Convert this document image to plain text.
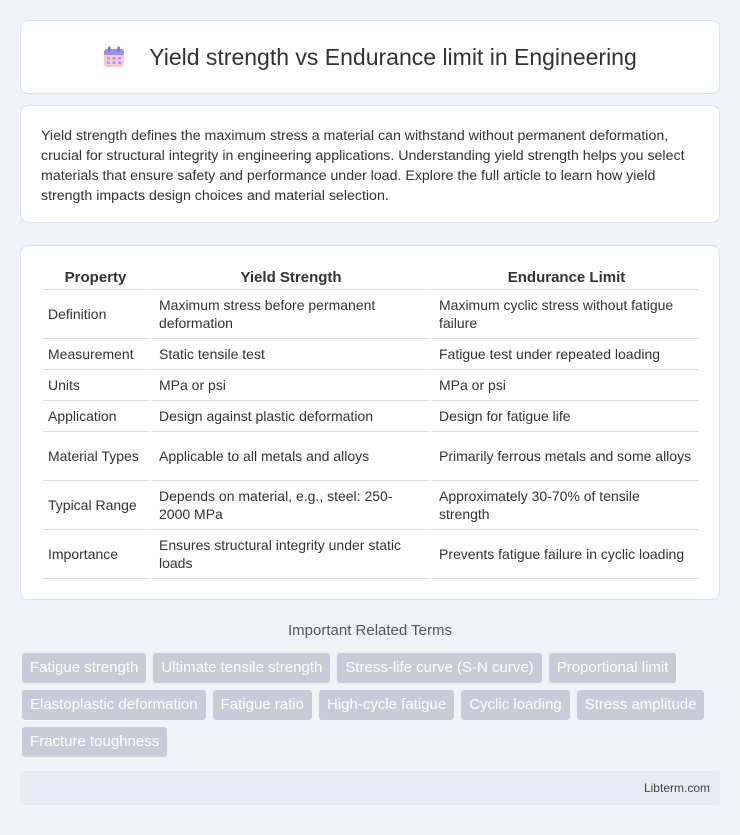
Yield strength vs Endurance limit in Engineering

Yield strength defines the maximum stress a material can withstand without permanent deformation, crucial for structural integrity in engineering applications. Understanding yield strength helps you select materials that ensure safety and performance under load. Explore the full article to learn how yield strength impacts design choices and material selection.

Property	Yield Strength	Endurance Limit
Definition	Maximum stress before permanent deformation	Maximum cyclic stress without fatigue failure
Measurement	Static tensile test	Fatigue test under repeated loading
Units	MPa or psi	MPa or psi
Application	Design against plastic deformation	Design for fatigue life
Material Types	Applicable to all metals and alloys	Primarily ferrous metals and some alloys
Typical Range	Depends on material, e.g., steel: 250-2000 MPa	Approximately 30-70% of tensile strength
Importance	Ensures structural integrity under static loads	Prevents fatigue failure in cyclic loading
Important Related Terms
Fatigue strength	Ultimate tensile strength	Stress-life curve (S-N curve)	Proportional limit
Elastoplastic deformation	Fatigue ratio	High-cycle fatigue	Cyclic loading	Stress amplitude
Fracture toughness
Libterm.com
